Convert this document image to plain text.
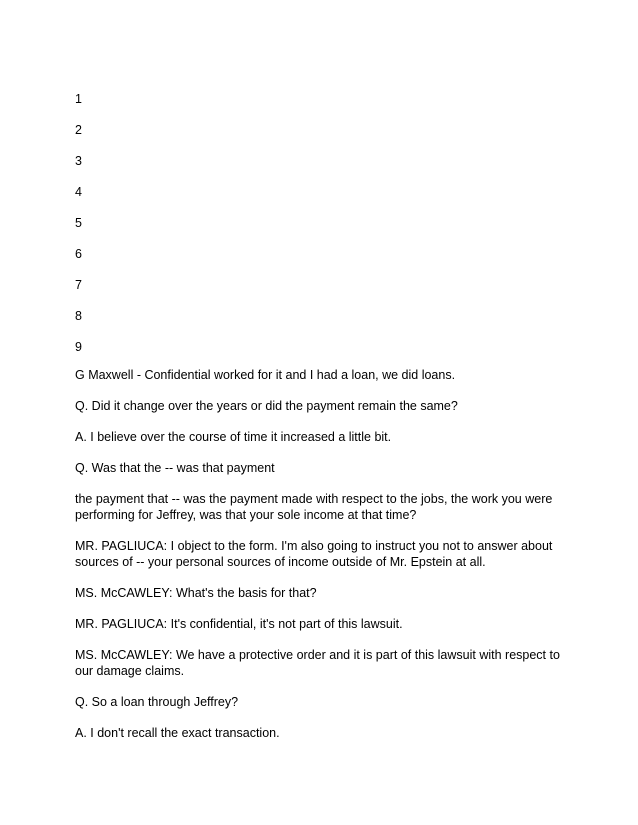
1
2
3
4
5
6
7
8
9

G Maxwell - Confidential worked for it and I had a loan, we did loans.

Q. Did it change over the years or did the payment remain the same?

A. I believe over the course of time it increased a little bit.

Q. Was that the -- was that payment

the payment that -- was the payment made with respect to the jobs, the work you were performing for Jeffrey, was that your sole income at that time?

MR. PAGLIUCA: I object to the form. I'm also going to instruct you not to answer about sources of -- your personal sources of income outside of Mr. Epstein at all.

MS. McCAWLEY: What's the basis for that?

MR. PAGLIUCA: It's confidential, it's not part of this lawsuit.

MS. McCAWLEY: We have a protective order and it is part of this lawsuit with respect to our damage claims.

Q. So a loan through Jeffrey?

A. I don't recall the exact transaction.
